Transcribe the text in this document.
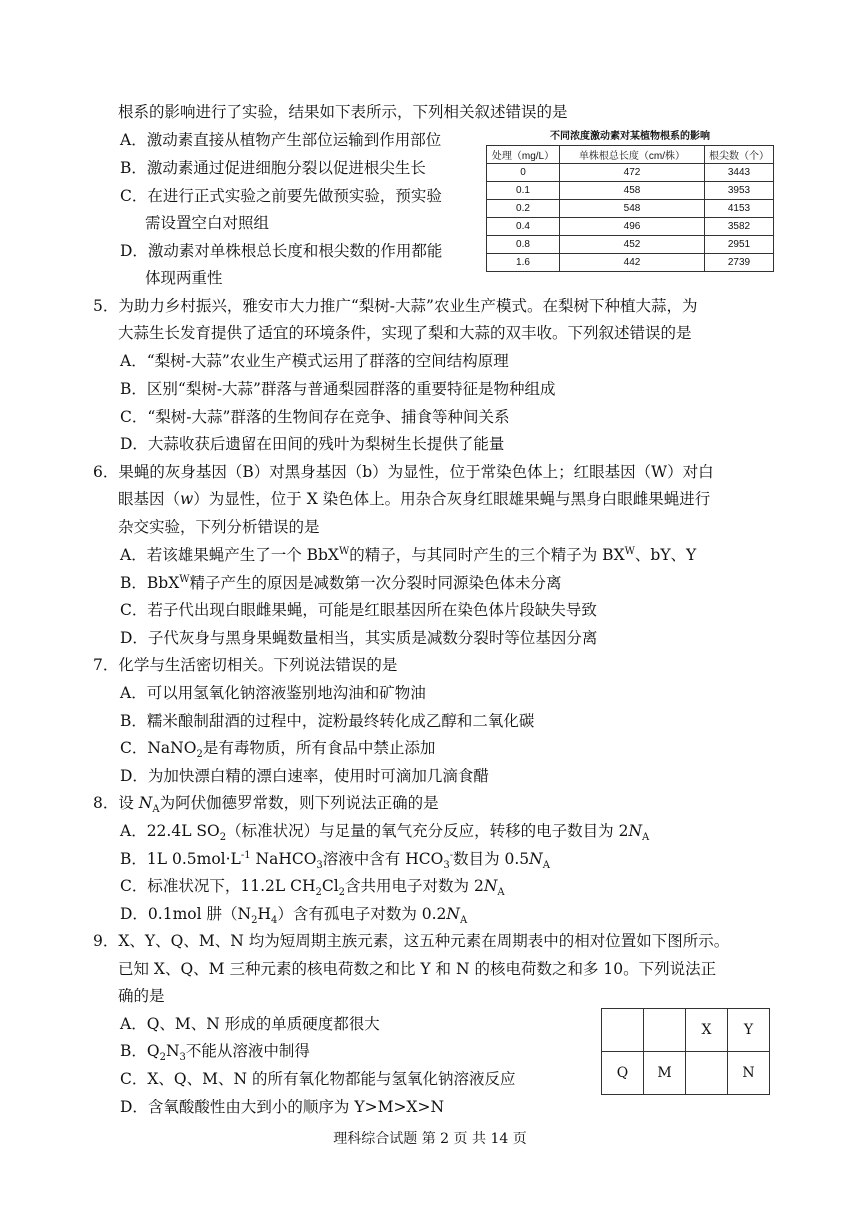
根系的影响进行了实验，结果如下表所示，下列相关叙述错误的是
A．激动素直接从植物产生部位运输到作用部位
B．激动素通过促进细胞分裂以促进根尖生长
C．在进行正式实验之前要先做预实验，预实验
需设置空白对照组
D．激动素对单株根总长度和根尖数的作用都能
体现两重性
不同浓度激动素对某植物根系的影响
处理（mg/L）	单株根总长度（cm/株）	根尖数（个）
0	472	3443
0.1	458	3953
0.2	548	4153
0.4	496	3582
0.8	452	2951
1.6	442	2739
5．为助力乡村振兴，雅安市大力推广“梨树-大蒜”农业生产模式。在梨树下种植大蒜，为
大蒜生长发育提供了适宜的环境条件，实现了梨和大蒜的双丰收。下列叙述错误的是
A．“梨树-大蒜”农业生产模式运用了群落的空间结构原理
B．区别“梨树-大蒜”群落与普通梨园群落的重要特征是物种组成
C．“梨树-大蒜”群落的生物间存在竞争、捕食等种间关系
D．大蒜收获后遗留在田间的残叶为梨树生长提供了能量
6．果蝇的灰身基因（B）对黑身基因（b）为显性，位于常染色体上；红眼基因（W）对白
眼基因（w）为显性，位于 X 染色体上。用杂合灰身红眼雄果蝇与黑身白眼雌果蝇进行
杂交实验，下列分析错误的是
A．若该雄果蝇产生了一个 BbX$^W$的精子，与其同时产生的三个精子为 $BX^W$、bY、Y
B．BbX$^W$精子产生的原因是减数第一次分裂时同源染色体未分离
C．若子代出现白眼雌果蝇，可能是红眼基因所在染色体片段缺失导致
D．子代灰身与黑身果蝇数量相当，其实质是减数分裂时等位基因分离
7．化学与生活密切相关。下列说法错误的是
A．可以用氢氧化钠溶液鉴别地沟油和矿物油
B．糯米酿制甜酒的过程中，淀粉最终转化成乙醇和二氧化碳
C．NaNO$_2$是有毒物质，所有食品中禁止添加
D．为加快漂白精的漂白速率，使用时可滴加几滴食醋
8．设 $N_A$为阿伏伽德罗常数，则下列说法正确的是
A．22.4L $SO_2$（标准状况）与足量的氧气充分反应，转移的电子数目为 $2N_A$
B．1L $0.5mol\cdot L^{-1}$ NaHCO$_3$溶液中含有 $HCO_3^-$数目为 $0.5N_A$
C．标准状况下，11.2L $CH_2Cl_2$含共用电子对数为 $2N_A$
D．0.1mol 肼$(N_2H_4)$含有孤电子对数为 $0.2N_A$
9．X、Y、Q、M、N 均为短周期主族元素，这五种元素在周期表中的相对位置如下图所示。
已知 X、Q、M 三种元素的核电荷数之和比 Y 和 N 的核电荷数之和多 10。下列说法正
确的是
A．Q、M、N 形成的单质硬度都很大
B．$Q_2N_3$不能从溶液中制得
C．X、Q、M、N 的所有氧化物都能与氢氧化钠溶液反应
D．含氧酸酸性由大到小的顺序为 Y>M>X>N
		X	Y
Q	M		N
理科综合试题 第 2 页 共 14 页
